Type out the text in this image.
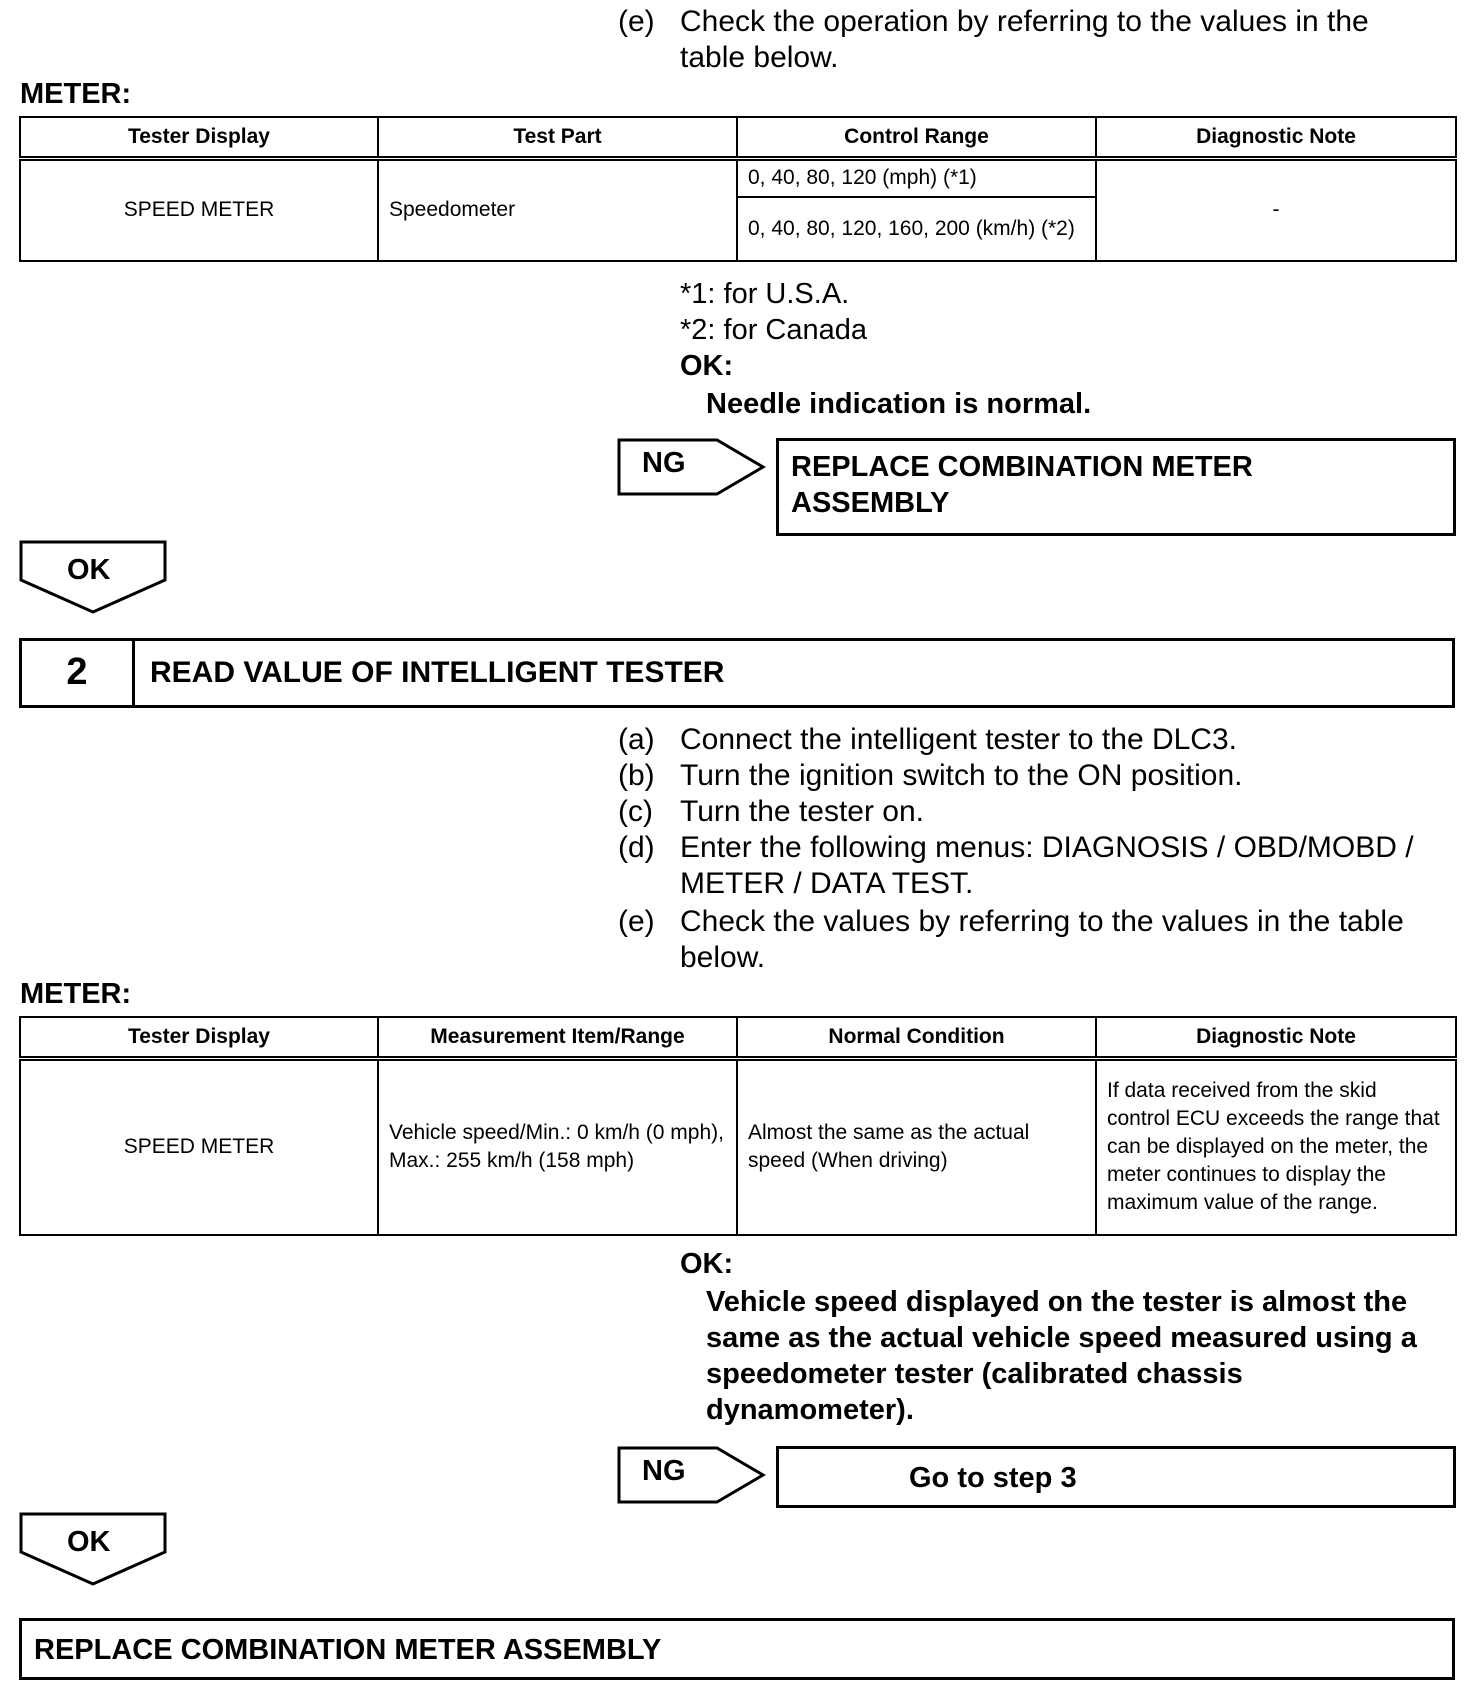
(e) Check the operation by referring to the values in the table below.
METER:
Tester Display	Test Part	Control Range	Diagnostic Note
SPEED METER	Speedometer	0, 40, 80, 120 (mph) (*1)	-
		0, 40, 80, 120, 160, 200 (km/h) (*2)	
*1: for U.S.A.
*2: for Canada
OK:
Needle indication is normal.
NG	REPLACE COMBINATION METER ASSEMBLY
OK
2	READ VALUE OF INTELLIGENT TESTER
(a) Connect the intelligent tester to the DLC3.
(b) Turn the ignition switch to the ON position.
(c) Turn the tester on.
(d) Enter the following menus: DIAGNOSIS / OBD/MOBD / METER / DATA TEST.
(e) Check the values by referring to the values in the table below.
METER:
Tester Display	Measurement Item/Range	Normal Condition	Diagnostic Note
SPEED METER	Vehicle speed/Min.: 0 km/h (0 mph), Max.: 255 km/h (158 mph)	Almost the same as the actual speed (When driving)	If data received from the skid control ECU exceeds the range that can be displayed on the meter, the meter continues to display the maximum value of the range.
OK:
Vehicle speed displayed on the tester is almost the same as the actual vehicle speed measured using a speedometer tester (calibrated chassis dynamometer).
NG	Go to step 3
OK
REPLACE COMBINATION METER ASSEMBLY
